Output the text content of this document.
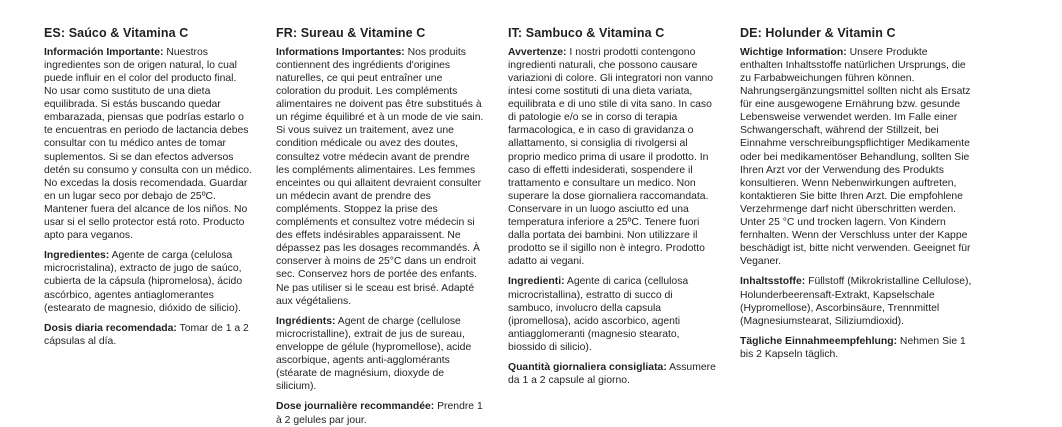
ES: Saúco & Vitamina C

Información Importante: Nuestros ingredientes son de origen natural, lo cual puede influir en el color del producto final. No usar como sustituto de una dieta equilibrada. Si estás buscando quedar embarazada, piensas que podrías estarlo o te encuentras en periodo de lactancia debes consultar con tu médico antes de tomar suplementos. Si se dan efectos adversos detén su consumo y consulta con un médico. No excedas la dosis recomendada. Guardar en un lugar seco por debajo de 25ºC. Mantener fuera del alcance de los niños. No usar si el sello protector está roto. Producto apto para veganos.

Ingredientes: Agente de carga (celulosa microcristalina), extracto de jugo de saúco, cubierta de la cápsula (hipromelosa), ácido ascórbico, agentes antiaglomerantes (estearato de magnesio, dióxido de silicio).

Dosis diaria recomendada: Tomar de 1 a 2 cápsulas al día.

FR: Sureau & Vitamine C

Informations Importantes: Nos produits contiennent des ingrédients d'origines naturelles, ce qui peut entraîner une coloration du produit. Les compléments alimentaires ne doivent pas être substitués à un régime équilibré et à un mode de vie sain. Si vous suivez un traitement, avez une condition médicale ou avez des doutes, consultez votre médecin avant de prendre les compléments alimentaires. Les femmes enceintes ou qui allaitent devraient consulter un médecin avant de prendre des compléments. Stoppez la prise des compléments et consultez votre médecin si des effets indésirables apparaissent. Ne dépassez pas les dosages recommandés. À conserver à moins de 25°C dans un endroit sec. Conservez hors de portée des enfants. Ne pas utiliser si le sceau est brisé. Adapté aux végétaliens.

Ingrédients: Agent de charge (cellulose microcristalline), extrait de jus de sureau, enveloppe de gélule (hypromellose), acide ascorbique, agents anti-agglomérants (stéarate de magnésium, dioxyde de silicium).

Dose journalière recommandée: Prendre 1 à 2 gelules par jour.

IT: Sambuco & Vitamina C

Avvertenze: I nostri prodotti contengono ingredienti naturali, che possono causare variazioni di colore. Gli integratori non vanno intesi come sostituti di una dieta variata, equilibrata e di uno stile di vita sano. In caso di patologie e/o se in corso di terapia farmacologica, e in caso di gravidanza o allattamento, si consiglia di rivolgersi al proprio medico prima di usare il prodotto. In caso di effetti indesiderati, sospendere il trattamento e consultare un medico. Non superare la dose giornaliera raccomandata. Conservare in un luogo asciutto ed una temperatura inferiore a 25ºC. Tenere fuori dalla portata dei bambini. Non utilizzare il prodotto se il sigillo non è integro. Prodotto adatto ai vegani.

Ingredienti: Agente di carica (cellulosa microcristallina), estratto di succo di sambuco, involucro della capsula (ipromellosa), acido ascorbico, agenti antiagglomeranti (magnesio stearato, biossido di silicio).

Quantità giornaliera consigliata: Assumere da 1 a 2 capsule al giorno.

DE: Holunder & Vitamin C

Wichtige Information: Unsere Produkte enthalten Inhaltsstoffe natürlichen Ursprungs, die zu Farbabweichungen führen können. Nahrungsergänzungsmittel sollten nicht als Ersatz für eine ausgewogene Ernährung bzw. gesunde Lebensweise verwendet werden. Im Falle einer Schwangerschaft, während der Stillzeit, bei Einnahme verschreibungspflichtiger Medikamente oder bei medikamentöser Behandlung, sollten Sie Ihren Arzt vor der Verwendung des Produkts konsultieren. Wenn Nebenwirkungen auftreten, kontaktieren Sie bitte Ihren Arzt. Die empfohlene Verzehrmenge darf nicht überschritten werden. Unter 25 °C und trocken lagern. Von Kindern fernhalten. Wenn der Verschluss unter der Kappe beschädigt ist, bitte nicht verwenden. Geeignet für Veganer.

Inhaltsstoffe: Füllstoff (Mikrokristalline Cellulose), Holunderbeerensaft-Extrakt, Kapselschale (Hypromellose), Ascorbinsäure, Trennmittel (Magnesiumstearat, Siliziumdioxid).

Tägliche Einnahmeempfehlung: Nehmen Sie 1 bis 2 Kapseln täglich.
